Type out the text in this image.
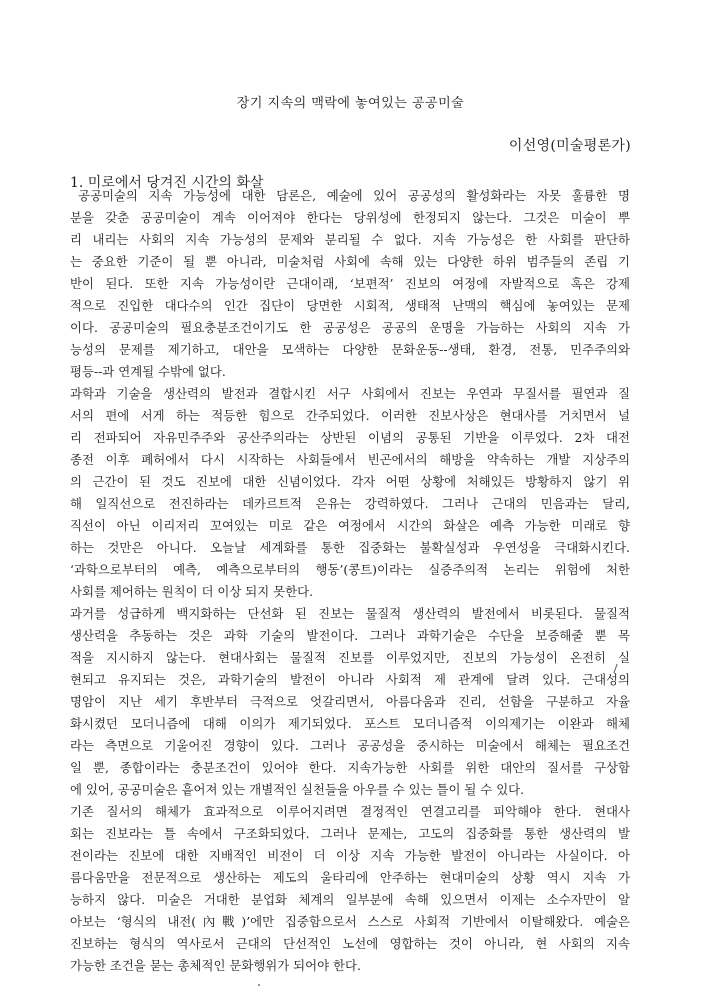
장기 지속의 맥락에 놓여있는 공공미술
이선영(미술평론가)
1. 미로에서 당겨진 시간의 화살
공공미술의 지속 가능성에 대한 담론은, 예술에 있어 공공성의 활성화라는 자못 훌륭한 명
분을 갖춘 공공미술이 계속 이어져야 한다는 당위성에 한정되지 않는다. 그것은 미술이 뿌
리 내리는 사회의 지속 가능성의 문제와 분리될 수 없다. 지속 가능성은 한 사회를 판단하
는 중요한 기준이 될 뿐 아니라, 미술처럼 사회에 속해 있는 다양한 하위 범주들의 존립 기
반이 된다. 또한 지속 가능성이란 근대이래, ‘보편적’ 진보의 여정에 자발적으로 혹은 강제
적으로 진입한 대다수의 인간 집단이 당면한 시회적, 생태적 난맥의 핵심에 놓여있는 문제
이다. 공공미술의 필요충분조건이기도 한 공공성은 공공의 운명을 가늠하는 사회의 지속 가
능성의 문제를 제기하고, 대안을 모색하는 다양한 문화운동--생태, 환경, 전통, 민주주의와
평등--과 연계될 수밖에 없다.
과학과 기술을 생산력의 발전과 결합시킨 서구 사회에서 진보는 우연과 무질서를 필연과 질
서의 편에 서게 하는 적등한 힘으로 간주되었다. 이러한 진보사상은 현대사를 거치면서 널
리 전파되어 자유민주주와 공산주의라는 상반된 이념의 공통된 기반을 이루었다. 2차 대전
종전 이후 폐허에서 다시 시작하는 사회들에서 빈곤에서의 해방을 약속하는 개발 지상주의
의 근간이 된 것도 진보에 대한 신념이었다. 각자 어떤 상황에 처해있든 방황하지 않기 위
해 일직선으로 전진하라는 데카르트적 은유는 강력하였다. 그러나 근대의 민음과는 달리,
직선이 아닌 이리저리 꼬여있는 미로 같은 여정에서 시간의 화살은 예측 가능한 미래로 향
하는 것만은 아니다. 오늘날 세계화를 통한 집중화는 불확실성과 우연성을 극대화시킨다.
‘과학으로부터의 예측, 예측으로부터의 행동’(콩트)이라는 실증주의적 논리는 위험에 처한
사회를 제어하는 원칙이 더 이상 되지 못한다.
과거를 성급하게 백지화하는 단선화 된 진보는 물질적 생산력의 발전에서 비롯된다. 물질적
생산력을 추동하는 것은 과학 기술의 발전이다. 그러나 과학기술은 수단을 보증해줄 뿐 목
적을 지시하지 않는다. 현대사회는 물질적 진보를 이루었지만, 진보의 가능성이 온전히 실
현되고 유지되는 것은, 과학기술의 발전이 아니라 사회적 제 관계에 달려 있다. 근대성의
명암이 지난 세기 후반부터 극적으로 엇갈리면서, 아름다움과 진리, 선함을 구분하고 자율
화시켰던 모더니즘에 대해 이의가 제기되었다. 포스트 모더니즘적 이의제기는 이완과 해체
라는 측면으로 기울어진 경향이 있다. 그러나 공공성을 중시하는 미술에서 해체는 필요조건
일 뿐, 종합이라는 충분조건이 있어야 한다. 지속가능한 사회를 위한 대안의 질서를 구상함
에 있어, 공공미술은 흩어져 있는 개별적인 실천들을 아우를 수 있는 틀이 될 수 있다.
기존 질서의 해체가 효과적으로 이루어지려면 결정적인 연결고리를 피악해야 한다. 현대사
회는 진보라는 틀 속에서 구조화되었다. 그러나 문제는, 고도의 집중화를 통한 생산력의 발
전이라는 진보에 대한 지배적인 비전이 더 이상 지속 가능한 발전이 아니라는 사실이다. 아
름다움만을 전문적으로 생산하는 제도의 울타리에 안주하는 현대미술의 상황 역시 지속 가
능하지 않다. 미술은 거대한 분업화 체계의 일부분에 속해 있으면서 이제는 소수자만이 알
아보는 ‘형식의 내전(內戰)’에만 집중함으로서 스스로 사회적 기반에서 이탈해왔다. 예술은
진보하는 형식의 역사로서 근대의 단선적인 노선에 영합하는 것이 아니라, 현 사회의 지속
가능한 조건을 묻는 총체적인 문화행위가 되어야 한다.
